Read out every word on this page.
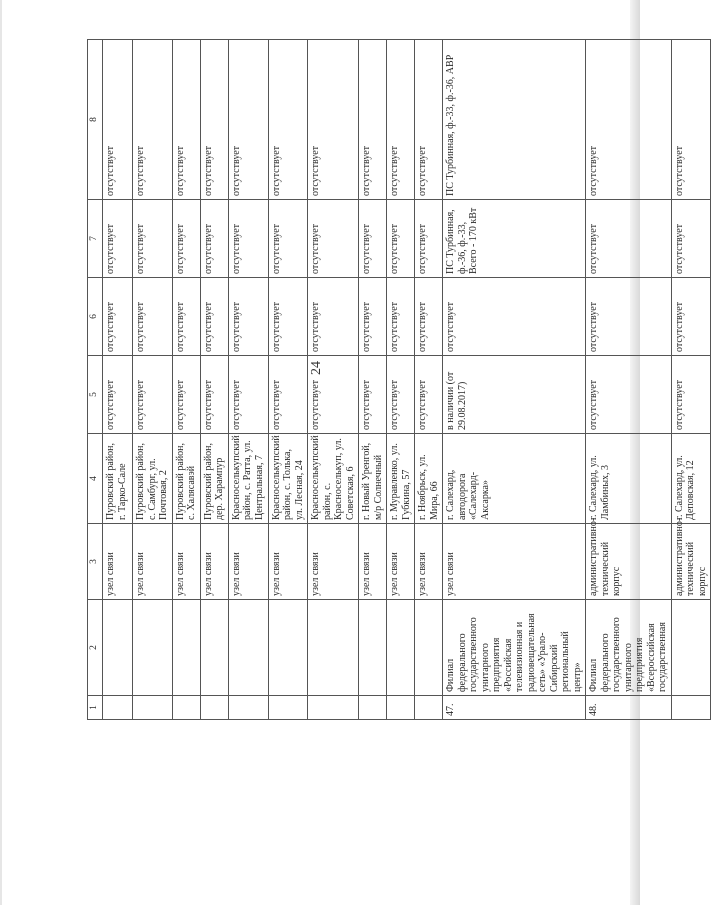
24
1	2	3	4	5	6	7	8
		узел связи	Пуровский район, г. Тарко-Сале	отсутствует	отсутствует	отсутствует	отсутствует
		узел связи	Пуровский район, с. Самбург, ул. Почтовая, 2	отсутствует	отсутствует	отсутствует	отсутствует
		узел связи	Пуровский район, с. Халясавэй	отсутствует	отсутствует	отсутствует	отсутствует
		узел связи	Пуровский район, дер. Харампур	отсутствует	отсутствует	отсутствует	отсутствует
		узел связи	Красноселькупский район, с. Ратта, ул. Центральная, 7	отсутствует	отсутствует	отсутствует	отсутствует
		узел связи	Красноселькупский район, с. Толька, ул. Лесная, 24	отсутствует	отсутствует	отсутствует	отсутствует
		узел связи	Красноселькупский район, с. Красноселькуп, ул. Советская, 6	отсутствует	отсутствует	отсутствует	отсутствует
		узел связи	г. Новый Уренгой, м/р Солнечный	отсутствует	отсутствует	отсутствует	отсутствует
		узел связи	г. Муравленко, ул. Губкина, 57	отсутствует	отсутствует	отсутствует	отсутствует
		узел связи	г. Ноябрьск, ул. Мира, 66	отсутствует	отсутствует	отсутствует	отсутствует
47.	Филиал федерального государственного унитарного предприятия «Российская телевизионная и радиовещательная сеть» «Урало-Сибирский региональный центр»	узел связи	г. Салехард, автодорога «Салехард-Аксарка»	в наличии (от 29.08.2017)	отсутствует	ПС Турбинная, ф.-36, ф.-33, Всего - 170 кВт	ПС Турбинная, ф.-33, ф.-36, АВР
48.	Филиал федерального государственного унитарного предприятия «Всероссийская государственная	административно-технический корпус	г. Салехард, ул. Ламбиных, 3	отсутствует	отсутствует	отсутствует	отсутствует
		административно-технический корпус	г. Салехард, ул. Деповская, 12	отсутствует	отсутствует	отсутствует	отсутствует
